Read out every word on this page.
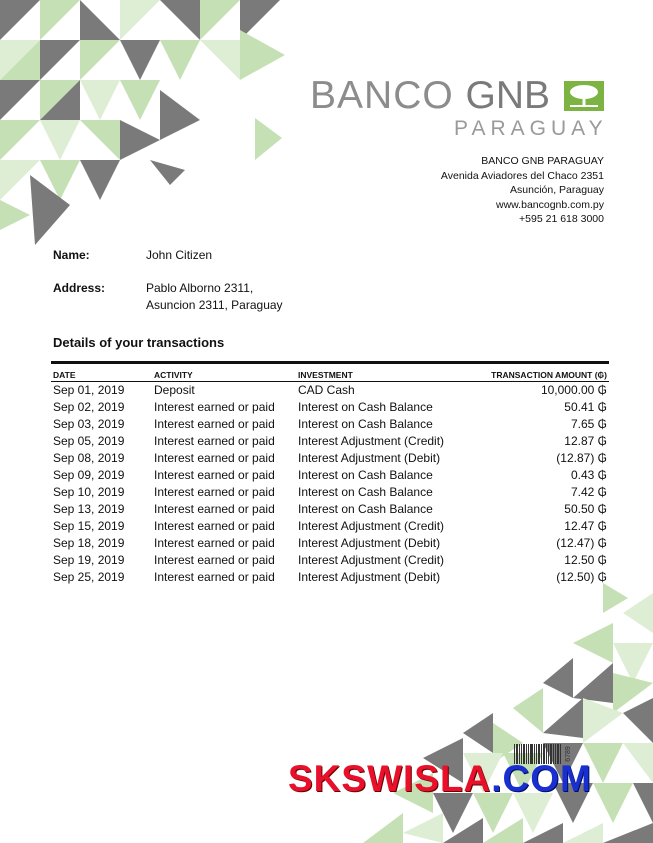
BANCO GNB
PARAGUAY
BANCO GNB PARAGUAY
Avenida Aviadores del Chaco 2351
Asunción, Paraguay
www.bancognb.com.py
+595 21 618 3000
Name:	John Citizen
Address:	Pablo Alborno 2311,
Asuncion 2311, Paraguay
Details of your transactions
DATE	ACTIVITY	INVESTMENT	TRANSACTION AMOUNT (₲)
Sep 01, 2019	Deposit	CAD Cash	10,000.00 ₲
Sep 02, 2019	Interest earned or paid	Interest on Cash Balance	50.41 ₲
Sep 03, 2019	Interest earned or paid	Interest on Cash Balance	7.65 ₲
Sep 05, 2019	Interest earned or paid	Interest Adjustment (Credit)	12.87 ₲
Sep 08, 2019	Interest earned or paid	Interest Adjustment (Debit)	(12.87) ₲
Sep 09, 2019	Interest earned or paid	Interest on Cash Balance	0.43 ₲
Sep 10, 2019	Interest earned or paid	Interest on Cash Balance	7.42 ₲
Sep 13, 2019	Interest earned or paid	Interest on Cash Balance	50.50 ₲
Sep 15, 2019	Interest earned or paid	Interest Adjustment (Credit)	12.47 ₲
Sep 18, 2019	Interest earned or paid	Interest Adjustment (Debit)	(12.47) ₲
Sep 19, 2019	Interest earned or paid	Interest Adjustment (Credit)	12.50 ₲
Sep 25, 2019	Interest earned or paid	Interest Adjustment (Debit)	(12.50) ₲
6789
SKSWISLA.COM
